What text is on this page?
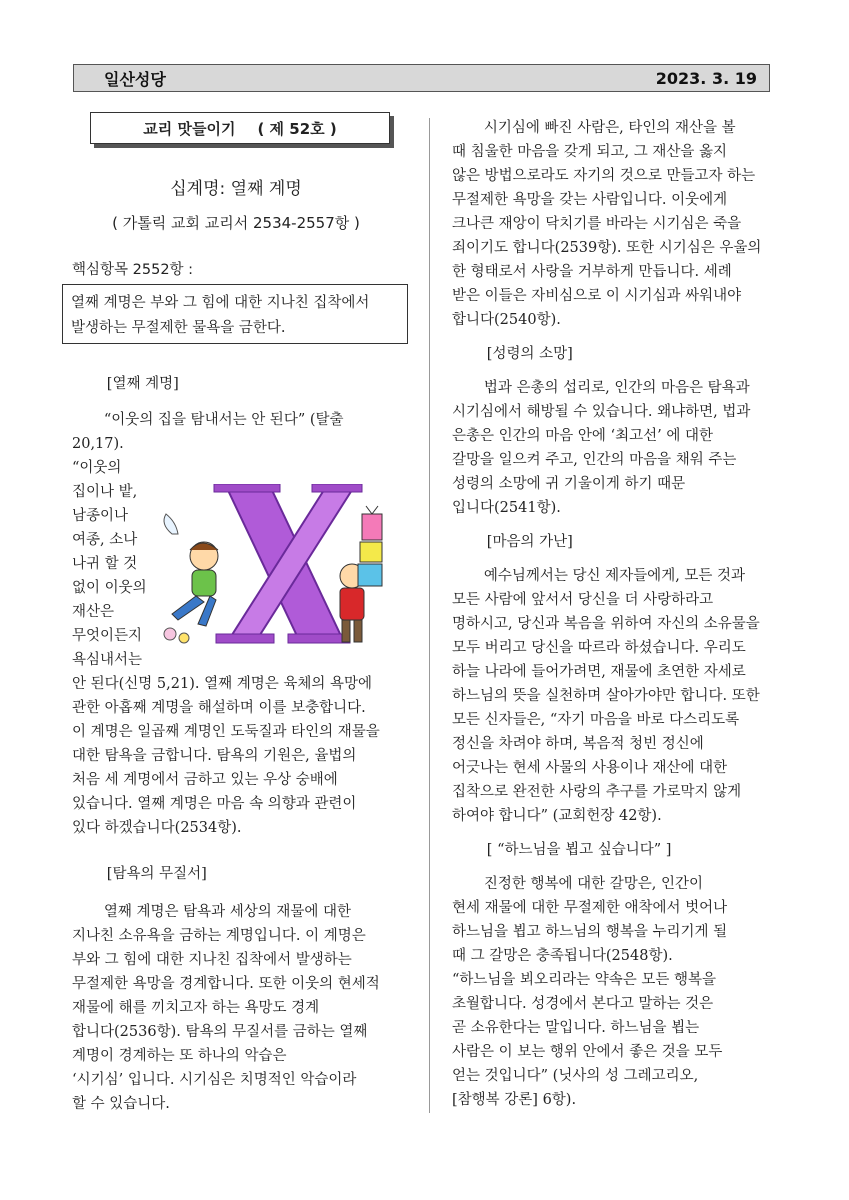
일산성당	2023. 3. 19
교리 맛들이기 ( 제 52호 )
십계명: 열째 계명
( 가톨릭 교회 교리서 2534-2557항 )
핵심항목 2552항 :
열째 계명은 부와 그 힘에 대한 지나친 집착에서
발생하는 무절제한 물욕을 금한다.

[열째 계명]

“이웃의 집을 탐내서는 안 된다” (탈출

20,17).

“이웃의
집이나 밭,
남종이나
여종, 소나
나귀 할 것
없이 이웃의
재산은
무엇이든지
욕심내서는

안 된다(신명 5,21). 열째 계명은 육체의 욕망에

관한 아홉째 계명을 해설하며 이를 보충합니다.

이 계명은 일곱째 계명인 도둑질과 타인의 재물을

대한 탐욕을 금합니다. 탐욕의 기원은, 율법의

처음 세 계명에서 금하고 있는 우상 숭배에

있습니다. 열째 계명은 마음 속 의향과 관련이

있다 하겠습니다(2534항).

[탐욕의 무질서]

열째 계명은 탐욕과 세상의 재물에 대한

지나친 소유욕을 금하는 계명입니다. 이 계명은

부와 그 힘에 대한 지나친 집착에서 발생하는

무절제한 욕망을 경계합니다. 또한 이웃의 현세적

재물에 해를 끼치고자 하는 욕망도 경계

합니다(2536항). 탐욕의 무질서를 금하는 열째

계명이 경계하는 또 하나의 악습은

‘시기심’ 입니다. 시기심은 치명적인 악습이라

할 수 있습니다.

시기심에 빠진 사람은, 타인의 재산을 볼

때 침울한 마음을 갖게 되고, 그 재산을 옳지

않은 방법으로라도 자기의 것으로 만들고자 하는

무절제한 욕망을 갖는 사람입니다. 이웃에게

크나큰 재앙이 닥치기를 바라는 시기심은 죽을

죄이기도 합니다(2539항). 또한 시기심은 우울의

한 형태로서 사랑을 거부하게 만듭니다. 세례

받은 이들은 자비심으로 이 시기심과 싸워내야

합니다(2540항).

[성령의 소망]

법과 은총의 섭리로, 인간의 마음은 탐욕과

시기심에서 해방될 수 있습니다. 왜냐하면, 법과

은총은 인간의 마음 안에 ‘최고선’ 에 대한

갈망을 일으켜 주고, 인간의 마음을 채워 주는

성령의 소망에 귀 기울이게 하기 때문

입니다(2541항).

[마음의 가난]

예수님께서는 당신 제자들에게, 모든 것과

모든 사람에 앞서서 당신을 더 사랑하라고

명하시고, 당신과 복음을 위하여 자신의 소유물을

모두 버리고 당신을 따르라 하셨습니다. 우리도

하늘 나라에 들어가려면, 재물에 초연한 자세로

하느님의 뜻을 실천하며 살아가야만 합니다. 또한

모든 신자들은, “자기 마음을 바로 다스리도록

정신을 차려야 하며, 복음적 청빈 정신에

어긋나는 현세 사물의 사용이나 재산에 대한

집착으로 완전한 사랑의 추구를 가로막지 않게

하여야 합니다” (교회헌장 42항).

[ “하느님을 뵙고 싶습니다” ]

진정한 행복에 대한 갈망은, 인간이

현세 재물에 대한 무절제한 애착에서 벗어나

하느님을 뵙고 하느님의 행복을 누리기게 될

때 그 갈망은 충족됩니다(2548항).

“하느님을 뵈오리라는 약속은 모든 행복을

초월합니다. 성경에서 본다고 말하는 것은

곧 소유한다는 말입니다. 하느님을 뵙는

사람은 이 보는 행위 안에서 좋은 것을 모두

얻는 것입니다” (닛사의 성 그레고리오,

[참행복 강론] 6항).
